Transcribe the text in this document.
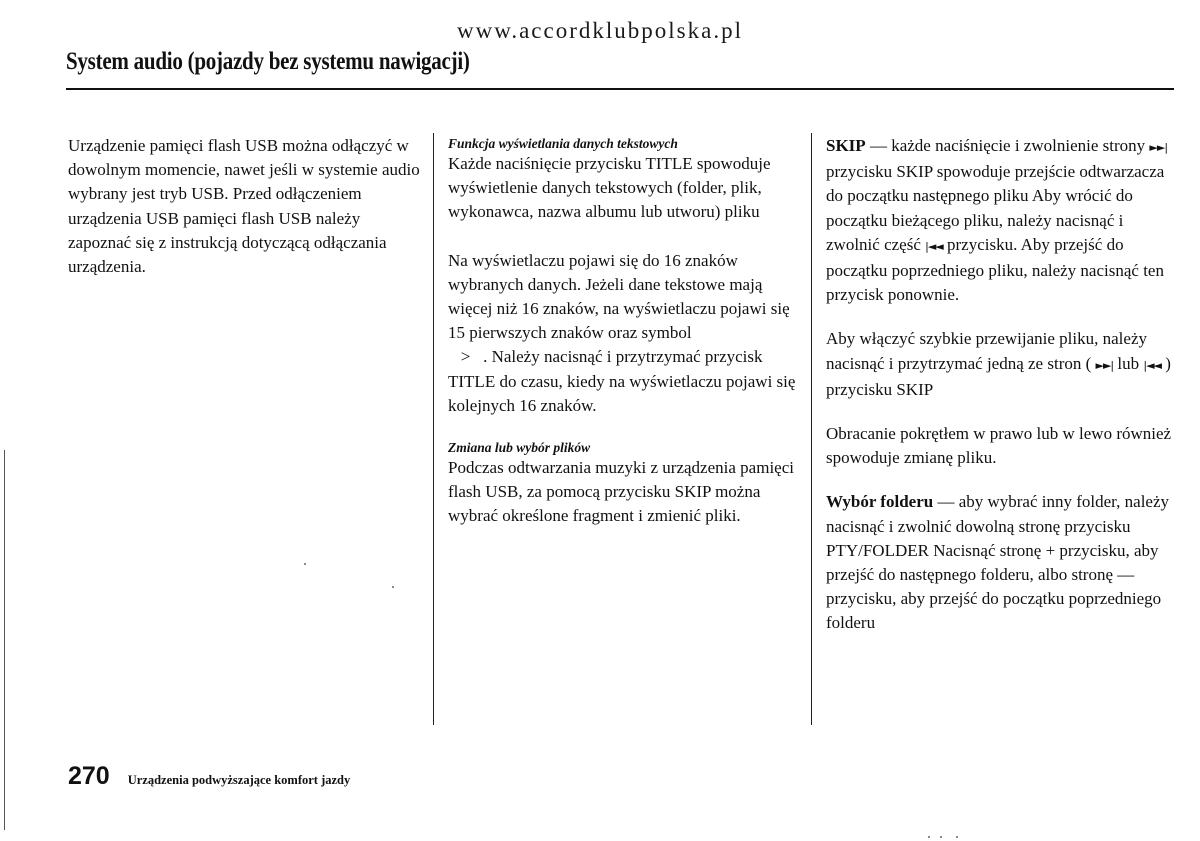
www.accordklubpolska.pl
System audio (pojazdy bez systemu nawigacji)

Urządzenie pamięci flash USB można odłączyć w dowolnym momencie, nawet jeśli w systemie audio wybrany jest tryb USB. Przed odłączeniem urządzenia USB pamięci flash USB należy zapoznać się z instrukcją dotyczącą odłączania urządzenia.

Funkcja wyświetlania danych tekstowych

Każde naciśnięcie przycisku TITLE spowoduje wyświetlenie danych tekstowych (folder, plik, wykonawca, nazwa albumu lub utworu) pliku

Na wyświetlaczu pojawi się do 16 znaków wybranych danych. Jeżeli dane tekstowe mają więcej niż 16 znaków, na wyświetlaczu pojawi się 15 pierwszych znaków oraz symbol
> . Należy nacisnąć i przytrzymać przycisk TITLE do czasu, kiedy na wyświetlaczu pojawi się kolejnych 16 znaków.

Zmiana lub wybór plików

Podczas odtwarzania muzyki z urządzenia pamięci flash USB, za pomocą przycisku SKIP można wybrać określone fragment i zmienić pliki.

SKIP — każde naciśnięcie i zwolnienie strony ►►| przycisku SKIP spowoduje przejście odtwarzacza do początku następnego pliku Aby wrócić do początku bieżącego pliku, należy nacisnąć i zwolnić część |◄◄ przycisku. Aby przejść do początku poprzedniego pliku, należy nacisnąć ten przycisk ponownie.

Aby włączyć szybkie przewijanie pliku, należy nacisnąć i przytrzymać jedną ze stron ( ►►| lub |◄◄ ) przycisku SKIP

Obracanie pokrętłem w prawo lub w lewo również spowoduje zmianę pliku.

Wybór folderu — aby wybrać inny folder, należy nacisnąć i zwolnić dowolną stronę przycisku PTY/FOLDER Nacisnąć stronę + przycisku, aby przejść do następnego folderu, albo stronę — przycisku, aby przejść do początku poprzedniego folderu

270 Urządzenia podwyższające komfort jazdy
